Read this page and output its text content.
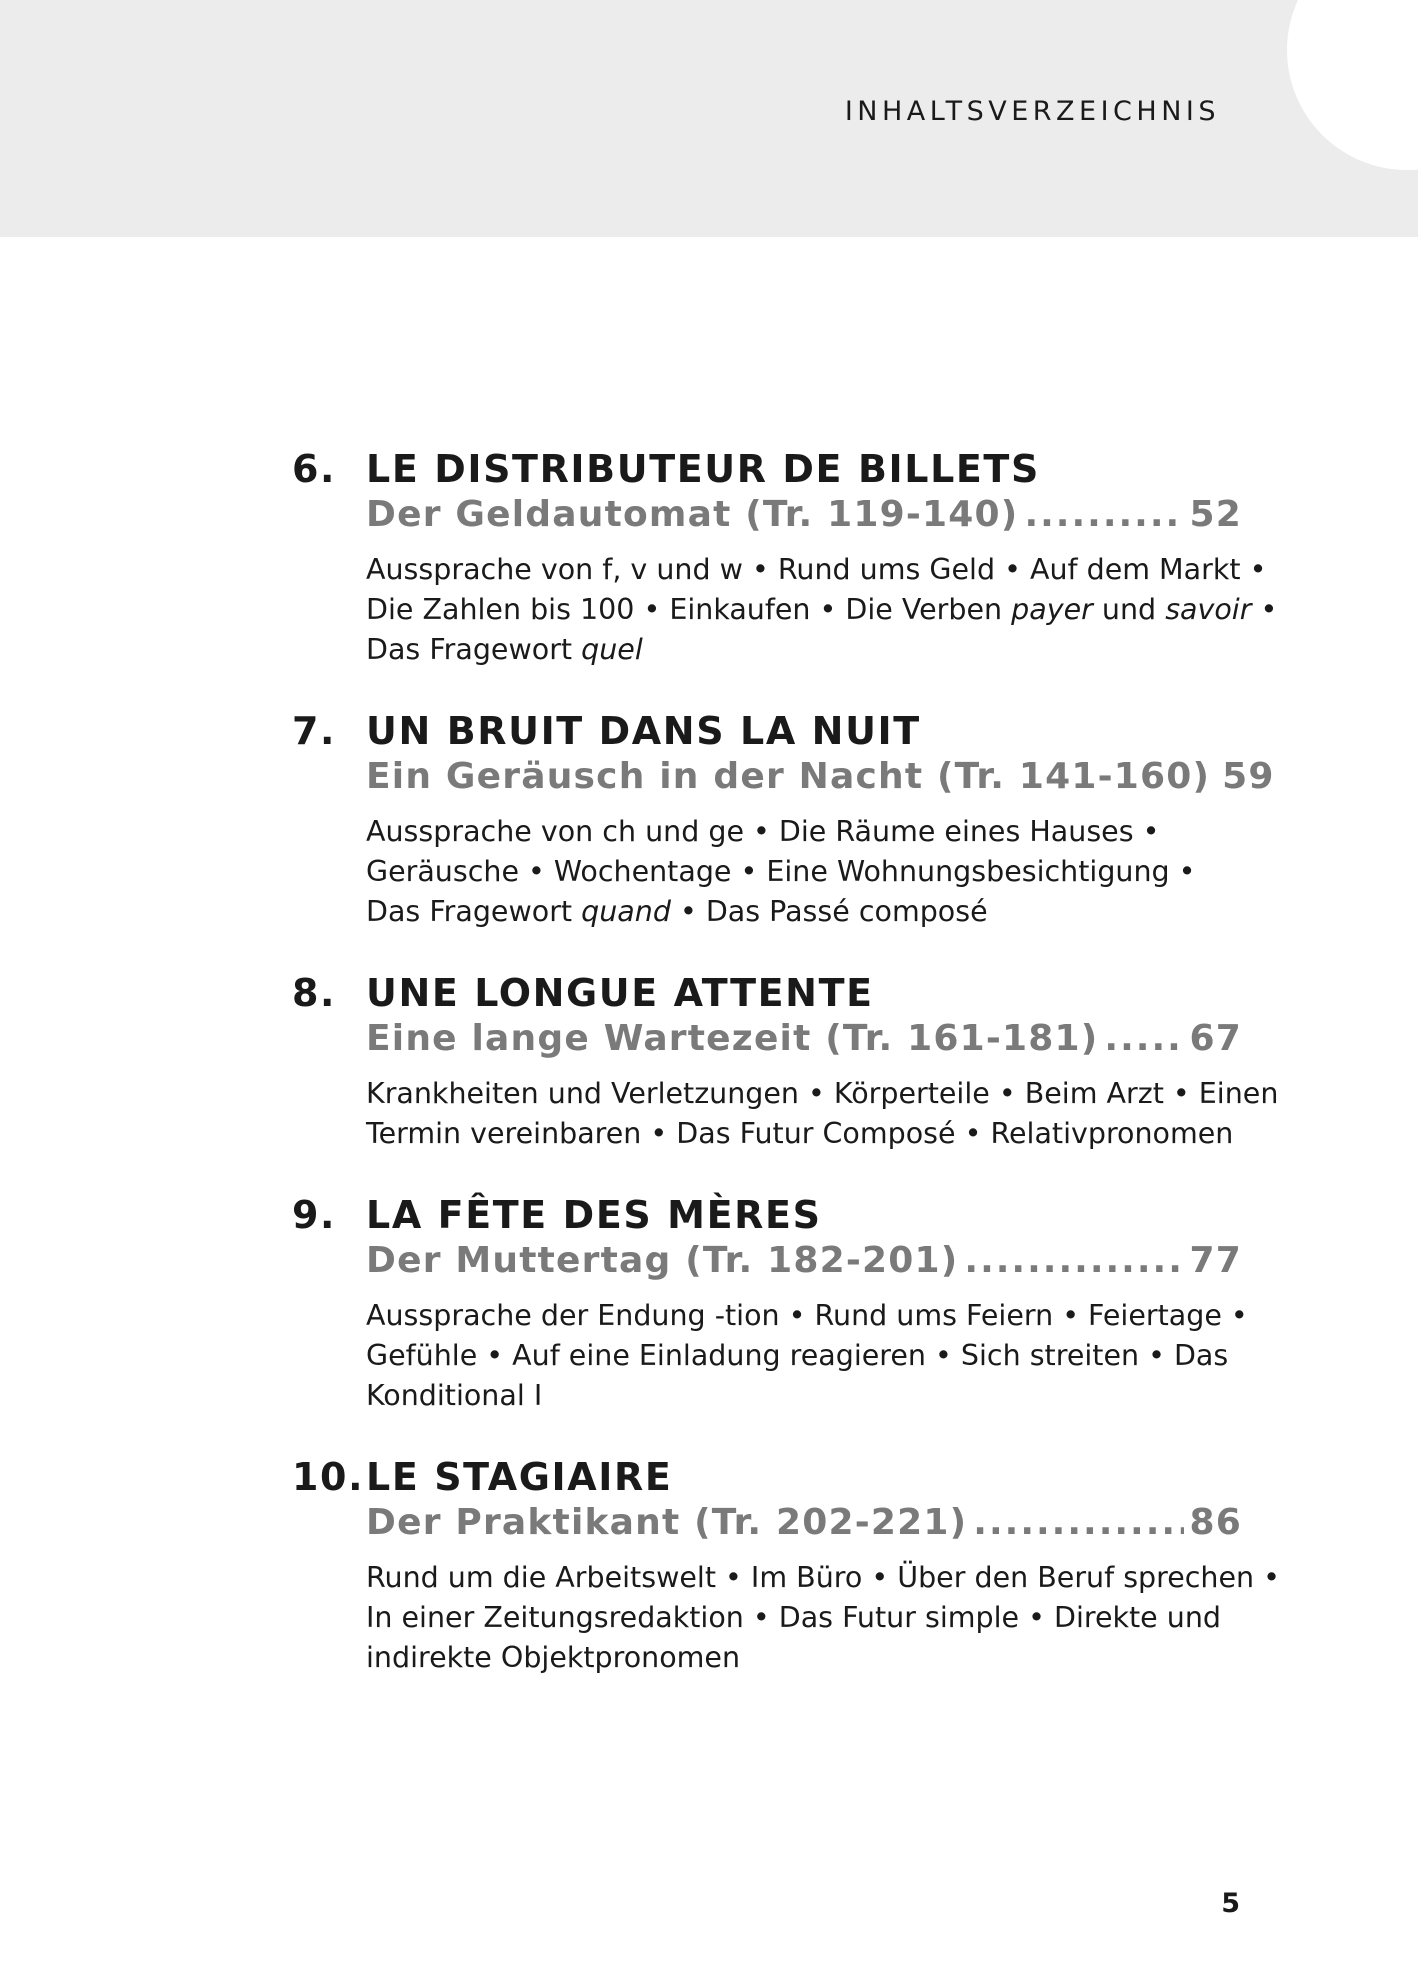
INHALTSVERZEICHNIS
6. LE DISTRIBUTEUR DE BILLETS
Der Geldautomat (Tr. 119-140) .....	52
Aussprache von f, v und w • Rund ums Geld • Auf dem Markt •
Die Zahlen bis 100 • Einkaufen • Die Verben payer und savoir •
Das Fragewort quel
7. UN BRUIT DANS LA NUIT
Ein Geräusch in der Nacht (Tr. 141-160) 59
Aussprache von ch und ge • Die Räume eines Hauses •
Geräusche • Wochentage • Eine Wohnungsbesichtigung •
Das Fragewort quand • Das Passé composé
8. UNE LONGUE ATTENTE
Eine lange Wartezeit (Tr. 161-181) .....	67
Krankheiten und Verletzungen • Körperteile • Beim Arzt • Einen
Termin vereinbaren • Das Futur Composé • Relativpronomen
9. LA FÊTE DES MÈRES
Der Muttertag (Tr. 182-201) .....	77
Aussprache der Endung -tion • Rund ums Feiern • Feiertage •
Gefühle • Auf eine Einladung reagieren • Sich streiten • Das
Konditional I
10. LE STAGIAIRE
Der Praktikant (Tr. 202-221) .....	86
Rund um die Arbeitswelt • Im Büro • Über den Beruf sprechen •
In einer Zeitungsredaktion • Das Futur simple • Direkte und
indirekte Objektpronomen
5
